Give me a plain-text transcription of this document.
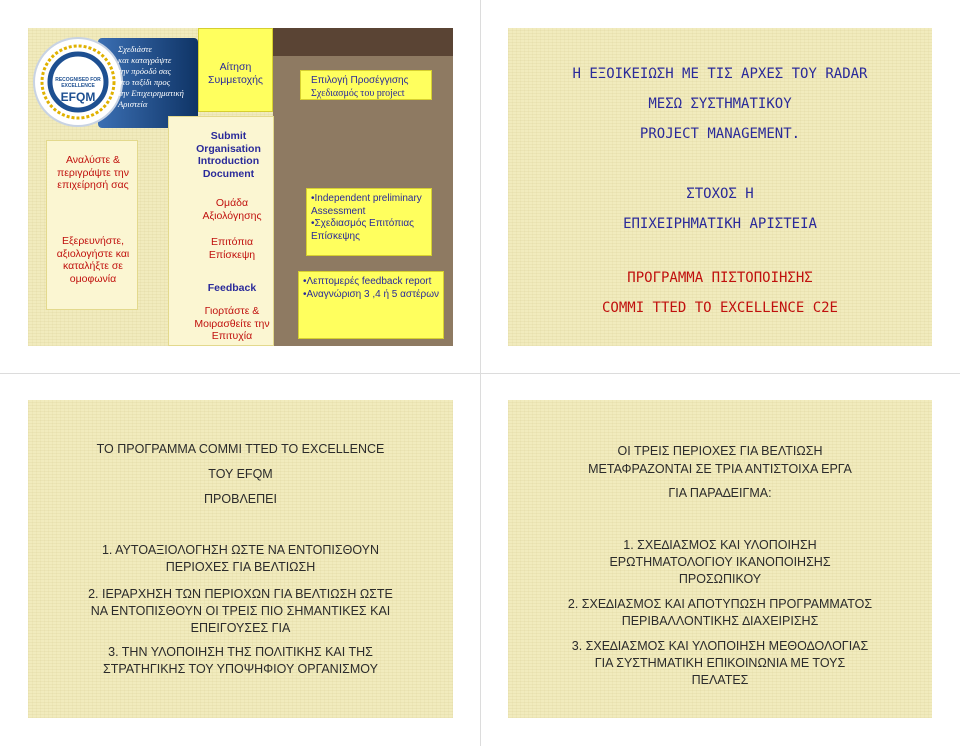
RECOGNISED FOR EXCELLENCE
EFQM
Σχεδιάστε
και καταγράψτε
την πρόοδό σας
στο ταξίδι προς
την Επιχειρηματική
Αριστεία
Αναλύστε & περιγράψτε την επιχείρησή σας
Εξερευνήστε, αξιολογήστε και καταλήξτε σε ομοφωνία
Αίτηση Συμμετοχής
Submit Organisation Introduction Document
Ομάδα Αξιολόγησης
Επιτόπια Επίσκεψη
Feedback
Γιορτάστε & Μοιρασθείτε την Επιτυχία
Επιλογή Προσέγγισης
Σχεδιασμός του project
•Independent preliminary Assessment
•Σχεδιασμός Επιτόπιας Επίσκεψης
•Λεπτομερές feedback report
•Αναγνώριση 3 ,4 ή 5 αστέρων
Η ΕΞΟΙΚΕΙΩΣΗ ΜΕ ΤΙΣ ΑΡΧΕΣ ΤΟΥ RADAR
ΜΕΣΩ ΣΥΣΤΗΜΑΤΙΚΟΥ
PROJECT MANAGEMENT.
ΣΤΟΧΟΣ Η
ΕΠΙΧΕΙΡΗΜΑΤΙΚΗ ΑΡΙΣΤΕΙΑ
ΠΡΟΓΡΑΜΜΑ ΠΙΣΤΟΠΟΙΗΣΗΣ
COMMI TTED TO EXCELLENCE C2E
ΤΟ ΠΡΟΓΡΑΜΜΑ COMMI TTED TO EXCELLENCE
ΤΟΥ EFQM
ΠΡΟΒΛΕΠΕΙ
1. ΑΥΤΟΑΞΙΟΛΟΓΗΣΗ ΩΣΤΕ ΝΑ ΕΝΤΟΠΙΣΘΟΥΝ
ΠΕΡΙΟΧΕΣ ΓΙΑ ΒΕΛΤΙΩΣΗ
2. ΙΕΡΑΡΧΗΣΗ ΤΩΝ ΠΕΡΙΟΧΩΝ ΓΙΑ ΒΕΛΤΙΩΣΗ ΩΣΤΕ
ΝΑ ΕΝΤΟΠΙΣΘΟΥΝ ΟΙ ΤΡΕΙΣ ΠΙΟ ΣΗΜΑΝΤΙΚΕΣ ΚΑΙ
ΕΠΕΙΓΟΥΣΕΣ ΓΙΑ
3. ΤΗΝ ΥΛΟΠΟΙΗΣΗ ΤΗΣ ΠΟΛΙΤΙΚΗΣ ΚΑΙ ΤΗΣ
ΣΤΡΑΤΗΓΙΚΗΣ ΤΟΥ ΥΠΟΨΗΦΙΟΥ ΟΡΓΑΝΙΣΜΟΥ
ΟΙ ΤΡΕΙΣ ΠΕΡΙΟΧΕΣ ΓΙΑ ΒΕΛΤΙΩΣΗ
ΜΕΤΑΦΡΑΖΟΝΤΑΙ ΣΕ ΤΡΙΑ ΑΝΤΙΣΤΟΙΧΑ ΕΡΓΑ
ΓΙΑ ΠΑΡΑ∆ΕΙΓΜΑ:
1. ΣΧΕ∆ΙΑΣΜΟΣ ΚΑΙ ΥΛΟΠΟΙΗΣΗ
ΕΡΩΤΗΜΑΤΟΛΟΓΙΟΥ ΙΚΑΝΟΠΟΙΗΣΗΣ
ΠΡΟΣΩΠΙΚΟΥ
2. ΣΧΕ∆ΙΑΣΜΟΣ ΚΑΙ ΑΠΟΤΥΠΩΣΗ ΠΡΟΓΡΑΜΜΑΤΟΣ
ΠΕΡΙΒΑΛΛΟΝΤΙΚΗΣ ∆ΙΑΧΕΙΡΙΣΗΣ
3. ΣΧΕ∆ΙΑΣΜΟΣ ΚΑΙ ΥΛΟΠΟΙΗΣΗ ΜΕΘΟ∆ΟΛΟΓΙΑΣ
ΓΙΑ ΣΥΣΤΗΜΑΤΙΚΗ ΕΠΙΚΟΙΝΩΝΙΑ ΜΕ ΤΟΥΣ
ΠΕΛΑΤΕΣ
